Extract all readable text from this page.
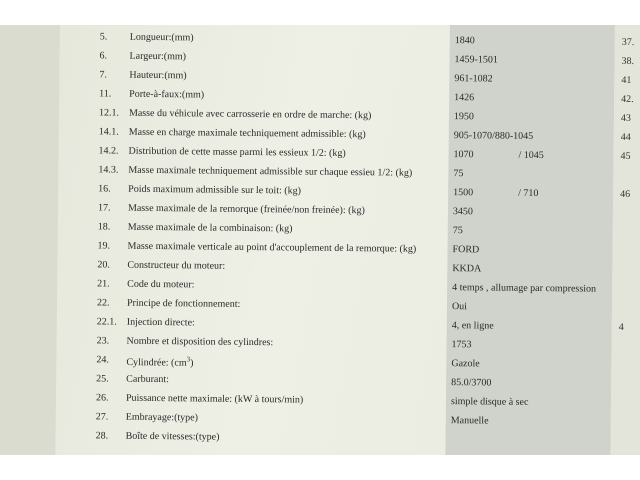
5. Longueur:(mm)	1840	37.
6. Largeur:(mm)	1459-1501	38.
7. Hauteur:(mm)	961-1082	41
11. Porte-à-faux:(mm)	1426	42.
12.1. Masse du véhicule avec carrosserie en ordre de marche: (kg)	1950	43
14.1. Masse en charge maximale techniquement admissible: (kg)	905-1070/880-1045	44
14.2. Distribution de cette masse parmi les essieux 1/2: (kg)	1070	/ 1045	45
14.3. Masse maximale techniquement admissible sur chaque essieu 1/2: (kg)	75
16. Poids maximum admissible sur le toit: (kg)	1500	/ 710	46
17. Masse maximale de la remorque (freinée/non freinée): (kg)	3450
18. Masse maximale de la combinaison: (kg)	75
19. Masse maximale verticale au point d'accouplement de la remorque: (kg)	FORD
20. Constructeur du moteur:	KKDA
21. Code du moteur:	4 temps , allumage par compression
22. Principe de fonctionnement:	Oui
22.1. Injection directe:	4, en ligne	4
23. Nombre et disposition des cylindres:	1753
24. Cylindrée: $(cm^3)$	Gazole
25. Carburant:	85.0/3700
26. Puissance nette maximale: (kW à tours/min)	simple disque à sec
27. Embrayage:(type)	Manuelle
28. Boîte de vitesses:(type)
